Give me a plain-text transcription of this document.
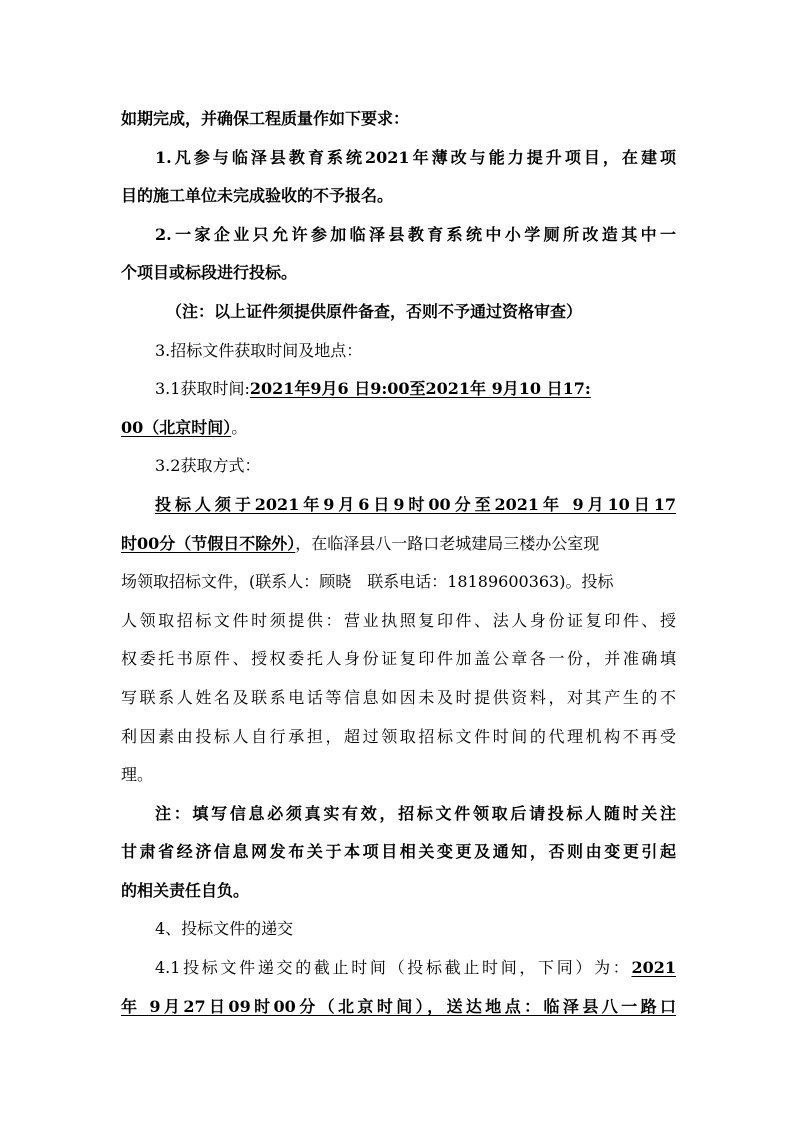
如期完成，并确保工程质量作如下要求：
1.凡参与临泽县教育系统2021年薄改与能力提升项目，在建项
目的施工单位未完成验收的不予报名。
2.一家企业只允许参加临泽县教育系统中小学厕所改造其中一
个项目或标段进行投标。
（注：以上证件须提供原件备查，否则不予通过资格审查）
3.招标文件获取时间及地点：
3.1获取时间:2021年9月6 日9:00至2021年 9月10 日17:
00（北京时间）。
3.2获取方式：
投标人须于2021年9月6日9时00分至2021年 9月10日17
时00分（节假日不除外），在临泽县八一路口老城建局三楼办公室现
场领取招标文件，(联系人：顾晓 联系电话：18189600363)。投标
人领取招标文件时须提供：营业执照复印件、法人身份证复印件、授
权委托书原件、授权委托人身份证复印件加盖公章各一份，并准确填
写联系人姓名及联系电话等信息如因未及时提供资料，对其产生的不
利因素由投标人自行承担，超过领取招标文件时间的代理机构不再受
理。
注：填写信息必须真实有效，招标文件领取后请投标人随时关注
甘肃省经济信息网发布关于本项目相关变更及通知，否则由变更引起
的相关责任自负。
4、投标文件的递交
4.1投标文件递交的截止时间（投标截止时间，下同）为：2021
年 9月27日09时00分（北京时间），送达地点：临泽县八一路口
